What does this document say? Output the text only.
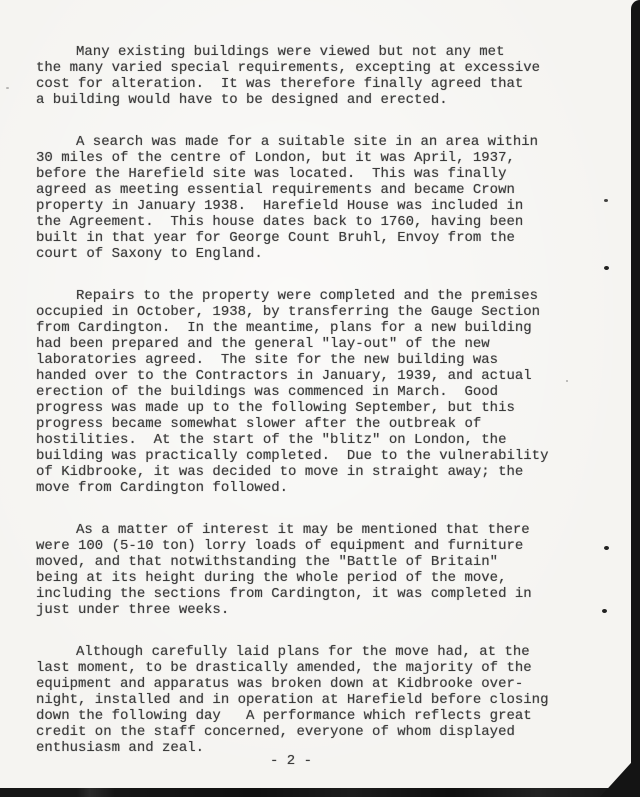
Many existing buildings were viewed but not any met
the many varied special requirements, excepting at excessive
cost for alteration.  It was therefore finally agreed that
a building would have to be designed and erected.
A search was made for a suitable site in an area within
30 miles of the centre of London, but it was April, 1937,
before the Harefield site was located.  This was finally
agreed as meeting essential requirements and became Crown
property in January 1938.  Harefield House was included in
the Agreement.  This house dates back to 1760, having been
built in that year for George Count Bruhl, Envoy from the
court of Saxony to England.
Repairs to the property were completed and the premises
occupied in October, 1938, by transferring the Gauge Section
from Cardington.  In the meantime, plans for a new building
had been prepared and the general "lay-out" of the new
laboratories agreed.  The site for the new building was
handed over to the Contractors in January, 1939, and actual
erection of the buildings was commenced in March.  Good
progress was made up to the following September, but this
progress became somewhat slower after the outbreak of
hostilities.  At the start of the "blitz" on London, the
building was practically completed.  Due to the vulnerability
of Kidbrooke, it was decided to move in straight away; the
move from Cardington followed.
As a matter of interest it may be mentioned that there
were 100 (5-10 ton) lorry loads of equipment and furniture
moved, and that notwithstanding the "Battle of Britain"
being at its height during the whole period of the move,
including the sections from Cardington, it was completed in
just under three weeks.
Although carefully laid plans for the move had, at the
last moment, to be drastically amended, the majority of the
equipment and apparatus was broken down at Kidbrooke over-
night, installed and in operation at Harefield before closing
down the following day   A performance which reflects great
credit on the staff concerned, everyone of whom displayed
enthusiasm and zeal.
- 2 -
